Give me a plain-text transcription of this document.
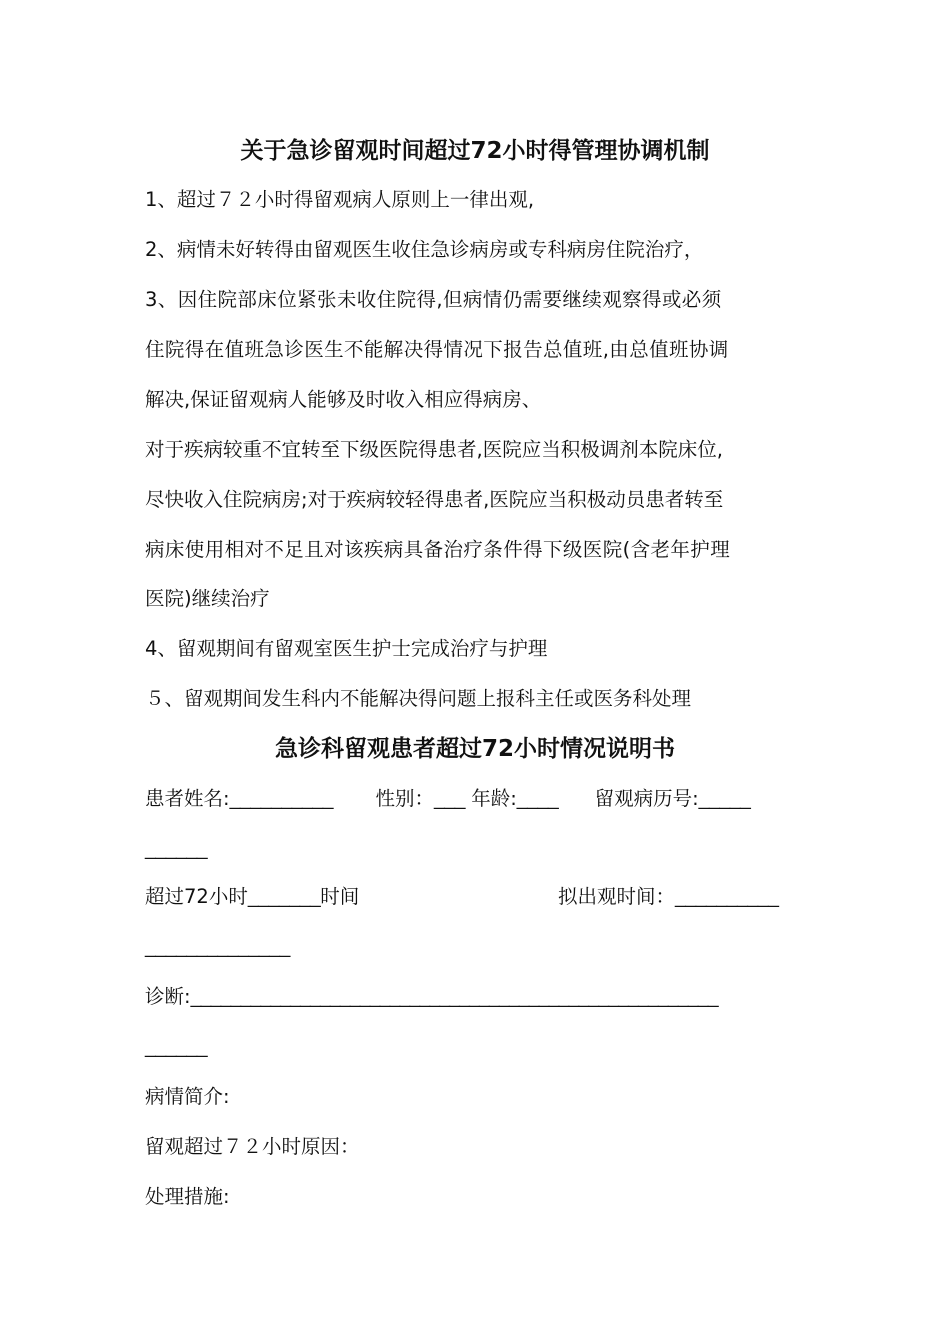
关于急诊留观时间超过72小时得管理协调机制
1、超过７２小时得留观病人原则上一律出观,
2、病情未好转得由留观医生收住急诊病房或专科病房住院治疗，
3、因住院部床位紧张未收住院得,但病情仍需要继续观察得或必须
住院得在值班急诊医生不能解决得情况下报告总值班,由总值班协调
解决,保证留观病人能够及时收入相应得病房、
对于疾病较重不宜转至下级医院得患者,医院应当积极调剂本院床位,
尽快收入住院病房;对于疾病较轻得患者,医院应当积极动员患者转至
病床使用相对不足且对该疾病具备治疗条件得下级医院(含老年护理
医院)继续治疗
4、留观期间有留观室医生护士完成治疗与护理
５、留观期间发生科内不能解决得问题上报科主任或医务科处理
急诊科留观患者超过72小时情况说明书
患者姓名:__________ 性别：___ 年龄:____ 留观病历号:_____
______
超过72小时_______时间	拟出观时间：__________
______________
诊断:_____________________________________________________
______
病情简介:
留观超过７２小时原因：
处理措施:
